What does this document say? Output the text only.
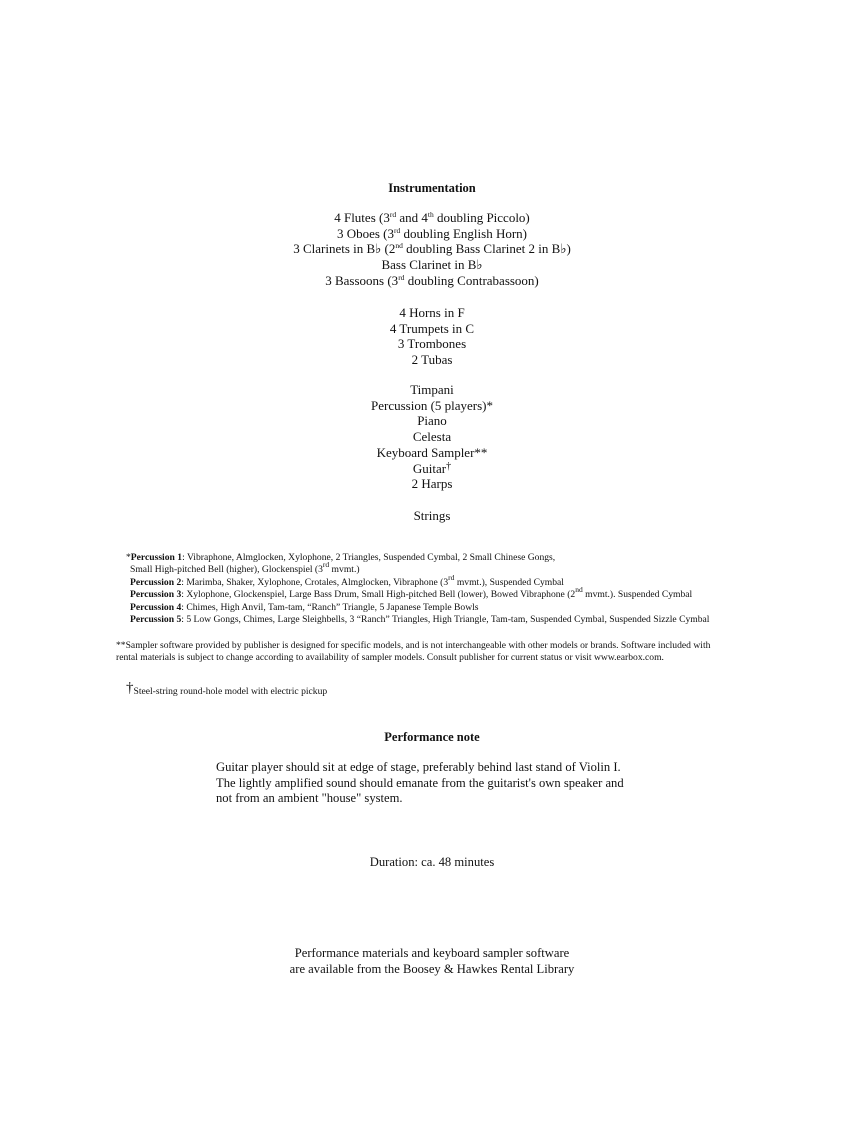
Instrumentation
4 Flutes (3rd and 4th doubling Piccolo)
3 Oboes (3rd doubling English Horn)
3 Clarinets in B♭ (2nd doubling Bass Clarinet 2 in B♭)
Bass Clarinet in B♭
3 Bassoons (3rd doubling Contrabassoon)
4 Horns in F
4 Trumpets in C
3 Trombones
2 Tubas
Timpani
Percussion (5 players)*
Piano
Celesta
Keyboard Sampler**
Guitar†
2 Harps
Strings
*Percussion 1: Vibraphone, Almglocken, Xylophone, 2 Triangles, Suspended Cymbal, 2 Small Chinese Gongs,
Small High-pitched Bell (higher), Glockenspiel (3rd mvmt.)
Percussion 2: Marimba, Shaker, Xylophone, Crotales, Almglocken, Vibraphone (3rd mvmt.), Suspended Cymbal
Percussion 3: Xylophone, Glockenspiel, Large Bass Drum, Small High-pitched Bell (lower), Bowed Vibraphone (2nd mvmt.). Suspended Cymbal
Percussion 4: Chimes, High Anvil, Tam-tam, “Ranch” Triangle, 5 Japanese Temple Bowls
Percussion 5: 5 Low Gongs, Chimes, Large Sleighbells, 3 “Ranch” Triangles, High Triangle, Tam-tam, Suspended Cymbal, Suspended Sizzle Cymbal
**Sampler software provided by publisher is designed for specific models, and is not interchangeable with other models or brands. Software included with
rental materials is subject to change according to availability of sampler models. Consult publisher for current status or visit www.earbox.com.
†Steel-string round-hole model with electric pickup
Performance note
Guitar player should sit at edge of stage, preferably behind last stand of Violin I.
The lightly amplified sound should emanate from the guitarist's own speaker and
not from an ambient "house" system.
Duration: ca. 48 minutes
Performance materials and keyboard sampler software
are available from the Boosey & Hawkes Rental Library
